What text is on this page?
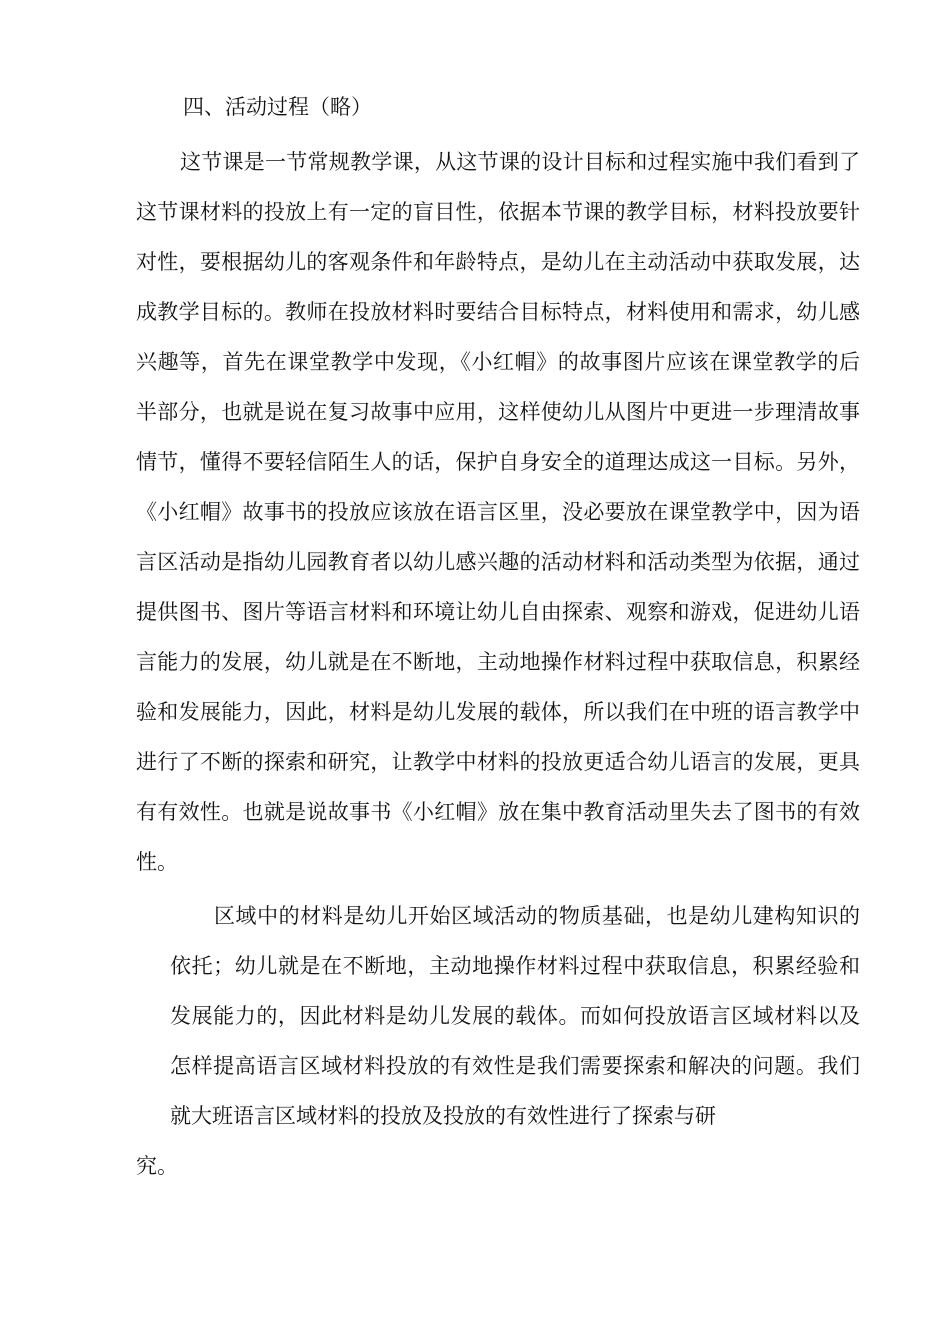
四、活动过程（略）

这节课是一节常规教学课，从这节课的设计目标和过程实施中我们看到了这节课材料的投放上有一定的盲目性，依据本节课的教学目标，材料投放要针对性，要根据幼儿的客观条件和年龄特点，是幼儿在主动活动中获取发展，达成教学目标的。教师在投放材料时要结合目标特点，材料使用和需求，幼儿感兴趣等，首先在课堂教学中发现，《小红帽》的故事图片应该在课堂教学的后半部分，也就是说在复习故事中应用，这样使幼儿从图片中更进一步理清故事情节，懂得不要轻信陌生人的话，保护自身安全的道理达成这一目标。另外，《小红帽》故事书的投放应该放在语言区里，没必要放在课堂教学中，因为语言区活动是指幼儿园教育者以幼儿感兴趣的活动材料和活动类型为依据，通过提供图书、图片等语言材料和环境让幼儿自由探索、观察和游戏，促进幼儿语言能力的发展，幼儿就是在不断地，主动地操作材料过程中获取信息，积累经验和发展能力，因此，材料是幼儿发展的载体，所以我们在中班的语言教学中进行了不断的探索和研究，让教学中材料的投放更适合幼儿语言的发展，更具有有效性。也就是说故事书《小红帽》放在集中教育活动里失去了图书的有效性。

区域中的材料是幼儿开始区域活动的物质基础，也是幼儿建构知识的依托；幼儿就是在不断地，主动地操作材料过程中获取信息，积累经验和发展能力的，因此材料是幼儿发展的载体。而如何投放语言区域材料以及怎样提高语言区域材料投放的有效性是我们需要探索和解决的问题。我们就大班语言区域材料的投放及投放的有效性进行了探索与研

究。
